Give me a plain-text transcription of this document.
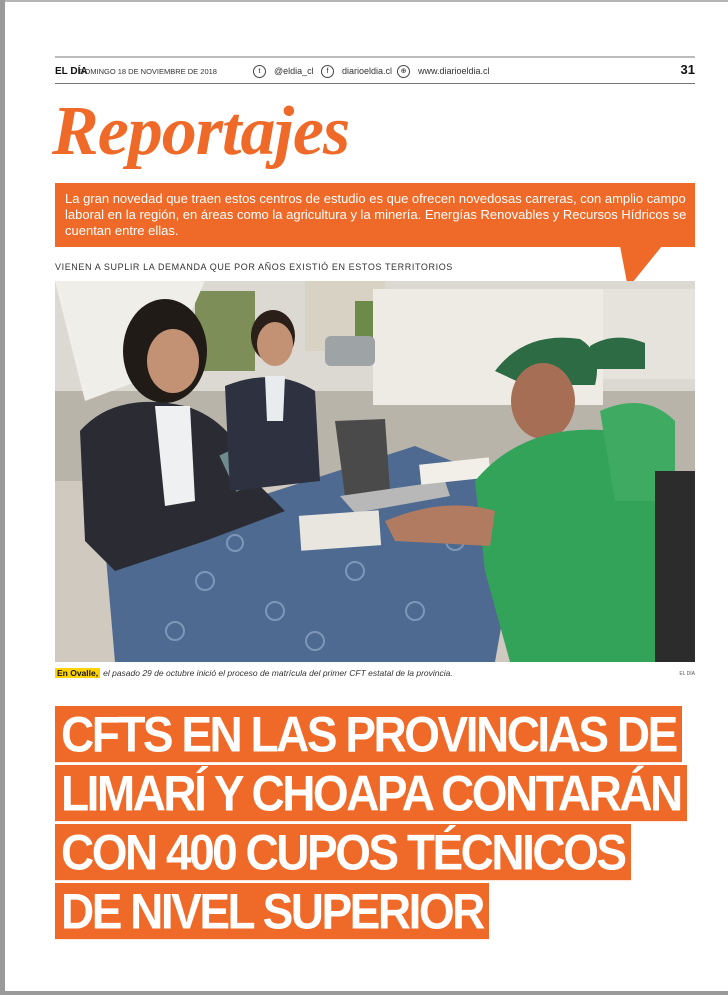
EL DÍA
DOMINGO 18 DE NOVIEMBRE DE 2018	t @eldia_cl	f diarioeldia.cl	⊕ www.diarioeldia.cl	31
Reportajes
La gran novedad que traen estos centros de estudio es que ofrecen novedosas carreras, con amplio campo laboral en la región, en áreas como la agricultura y la minería. Energías Renovables y Recursos Hídricos se cuentan entre ellas.
VIENEN A SUPLIR LA DEMANDA QUE POR AÑOS EXISTIÓ EN ESTOS TERRITORIOS
En Ovalle, el pasado 29 de octubre inició el proceso de matrícula del primer CFT estatal de la provincia.	EL DÍA
CFTS EN LAS PROVINCIAS DE
LIMARÍ Y CHOAPA CONTARÁN
CON 400 CUPOS TÉCNICOS
DE NIVEL SUPERIOR
